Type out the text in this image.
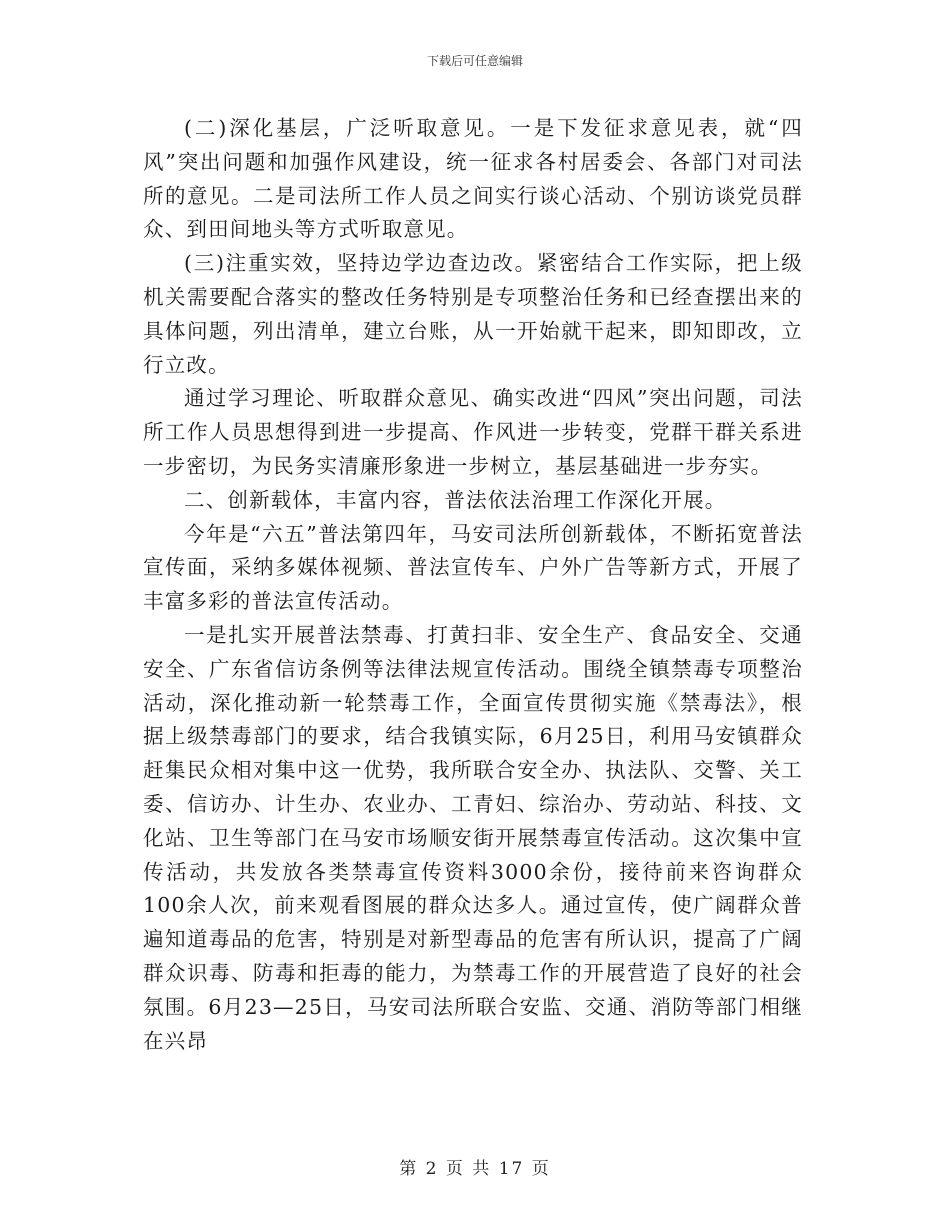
下载后可任意编辑

(二)深化基层，广泛听取意见。一是下发征求意见表，就“四风”突出问题和加强作风建设，统一征求各村居委会、各部门对司法所的意见。二是司法所工作人员之间实行谈心活动、个别访谈党员群众、到田间地头等方式听取意见。

(三)注重实效，坚持边学边查边改。紧密结合工作实际，把上级机关需要配合落实的整改任务特别是专项整治任务和已经查摆出来的具体问题，列出清单，建立台账，从一开始就干起来，即知即改，立行立改。

通过学习理论、听取群众意见、确实改进“四风”突出问题，司法所工作人员思想得到进一步提高、作风进一步转变，党群干群关系进一步密切，为民务实清廉形象进一步树立，基层基础进一步夯实。

二、创新载体，丰富内容，普法依法治理工作深化开展。

今年是“六五”普法第四年，马安司法所创新载体，不断拓宽普法宣传面，采纳多媒体视频、普法宣传车、户外广告等新方式，开展了丰富多彩的普法宣传活动。

一是扎实开展普法禁毒、打黄扫非、安全生产、食品安全、交通安全、广东省信访条例等法律法规宣传活动。围绕全镇禁毒专项整治活动，深化推动新一轮禁毒工作，全面宣传贯彻实施《禁毒法》，根据上级禁毒部门的要求，结合我镇实际，6月25日，利用马安镇群众赶集民众相对集中这一优势，我所联合安全办、执法队、交警、关工委、信访办、计生办、农业办、工青妇、综治办、劳动站、科技、文化站、卫生等部门在马安市场顺安街开展禁毒宣传活动。这次集中宣传活动，共发放各类禁毒宣传资料3000余份，接待前来咨询群众100余人次，前来观看图展的群众达多人。通过宣传，使广阔群众普遍知道毒品的危害，特别是对新型毒品的危害有所认识，提高了广阔群众识毒、防毒和拒毒的能力，为禁毒工作的开展营造了良好的社会氛围。6月23—25日，马安司法所联合安监、交通、消防等部门相继在兴昂

第 2 页 共 17 页
